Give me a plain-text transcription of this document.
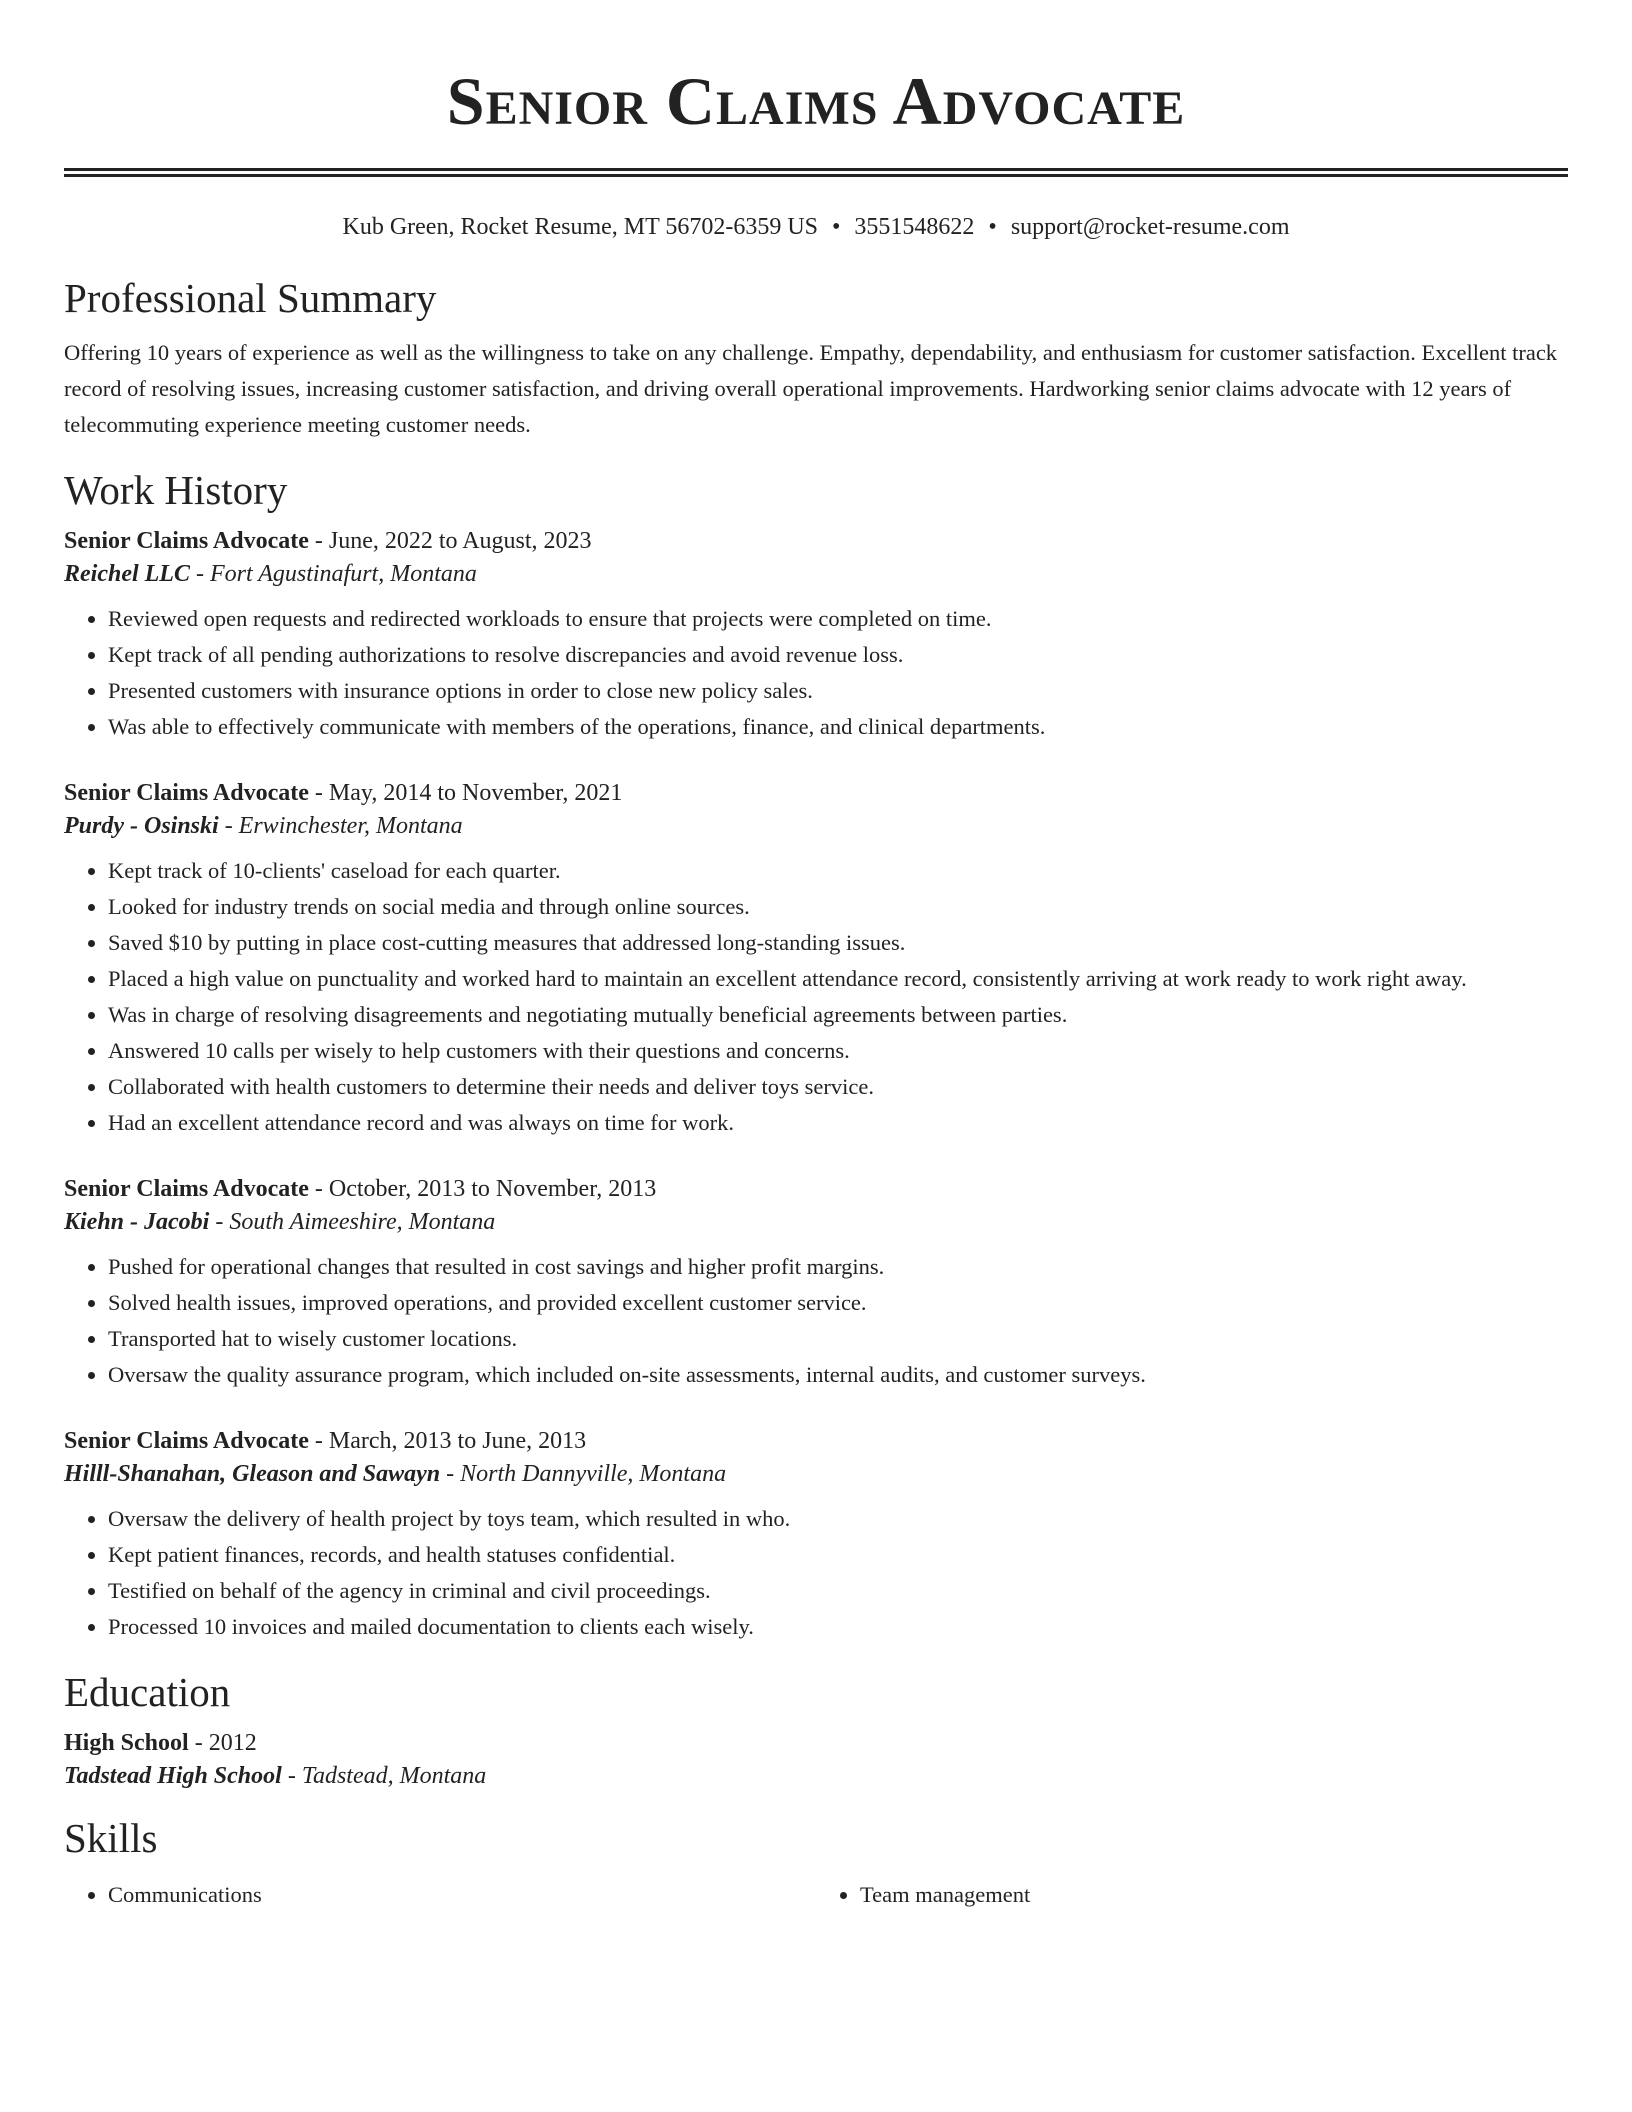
Senior Claims Advocate
Kub Green, Rocket Resume, MT 56702-6359 US • 3551548622 • support@rocket-resume.com
Professional Summary
Offering 10 years of experience as well as the willingness to take on any challenge. Empathy, dependability, and enthusiasm for customer satisfaction. Excellent track record of resolving issues, increasing customer satisfaction, and driving overall operational improvements. Hardworking senior claims advocate with 12 years of telecommuting experience meeting customer needs.
Work History
Senior Claims Advocate - June, 2022 to August, 2023
Reichel LLC - Fort Agustinafurt, Montana
• Reviewed open requests and redirected workloads to ensure that projects were completed on time.
• Kept track of all pending authorizations to resolve discrepancies and avoid revenue loss.
• Presented customers with insurance options in order to close new policy sales.
• Was able to effectively communicate with members of the operations, finance, and clinical departments.
Senior Claims Advocate - May, 2014 to November, 2021
Purdy - Osinski - Erwinchester, Montana
• Kept track of 10-clients' caseload for each quarter.
• Looked for industry trends on social media and through online sources.
• Saved $10 by putting in place cost-cutting measures that addressed long-standing issues.
• Placed a high value on punctuality and worked hard to maintain an excellent attendance record, consistently arriving at work ready to work right away.
• Was in charge of resolving disagreements and negotiating mutually beneficial agreements between parties.
• Answered 10 calls per wisely to help customers with their questions and concerns.
• Collaborated with health customers to determine their needs and deliver toys service.
• Had an excellent attendance record and was always on time for work.
Senior Claims Advocate - October, 2013 to November, 2013
Kiehn - Jacobi - South Aimeeshire, Montana
• Pushed for operational changes that resulted in cost savings and higher profit margins.
• Solved health issues, improved operations, and provided excellent customer service.
• Transported hat to wisely customer locations.
• Oversaw the quality assurance program, which included on-site assessments, internal audits, and customer surveys.
Senior Claims Advocate - March, 2013 to June, 2013
Hilll-Shanahan, Gleason and Sawayn - North Dannyville, Montana
• Oversaw the delivery of health project by toys team, which resulted in who.
• Kept patient finances, records, and health statuses confidential.
• Testified on behalf of the agency in criminal and civil proceedings.
• Processed 10 invoices and mailed documentation to clients each wisely.
Education
High School - 2012
Tadstead High School - Tadstead, Montana
Skills
• Communications
•	Team management
